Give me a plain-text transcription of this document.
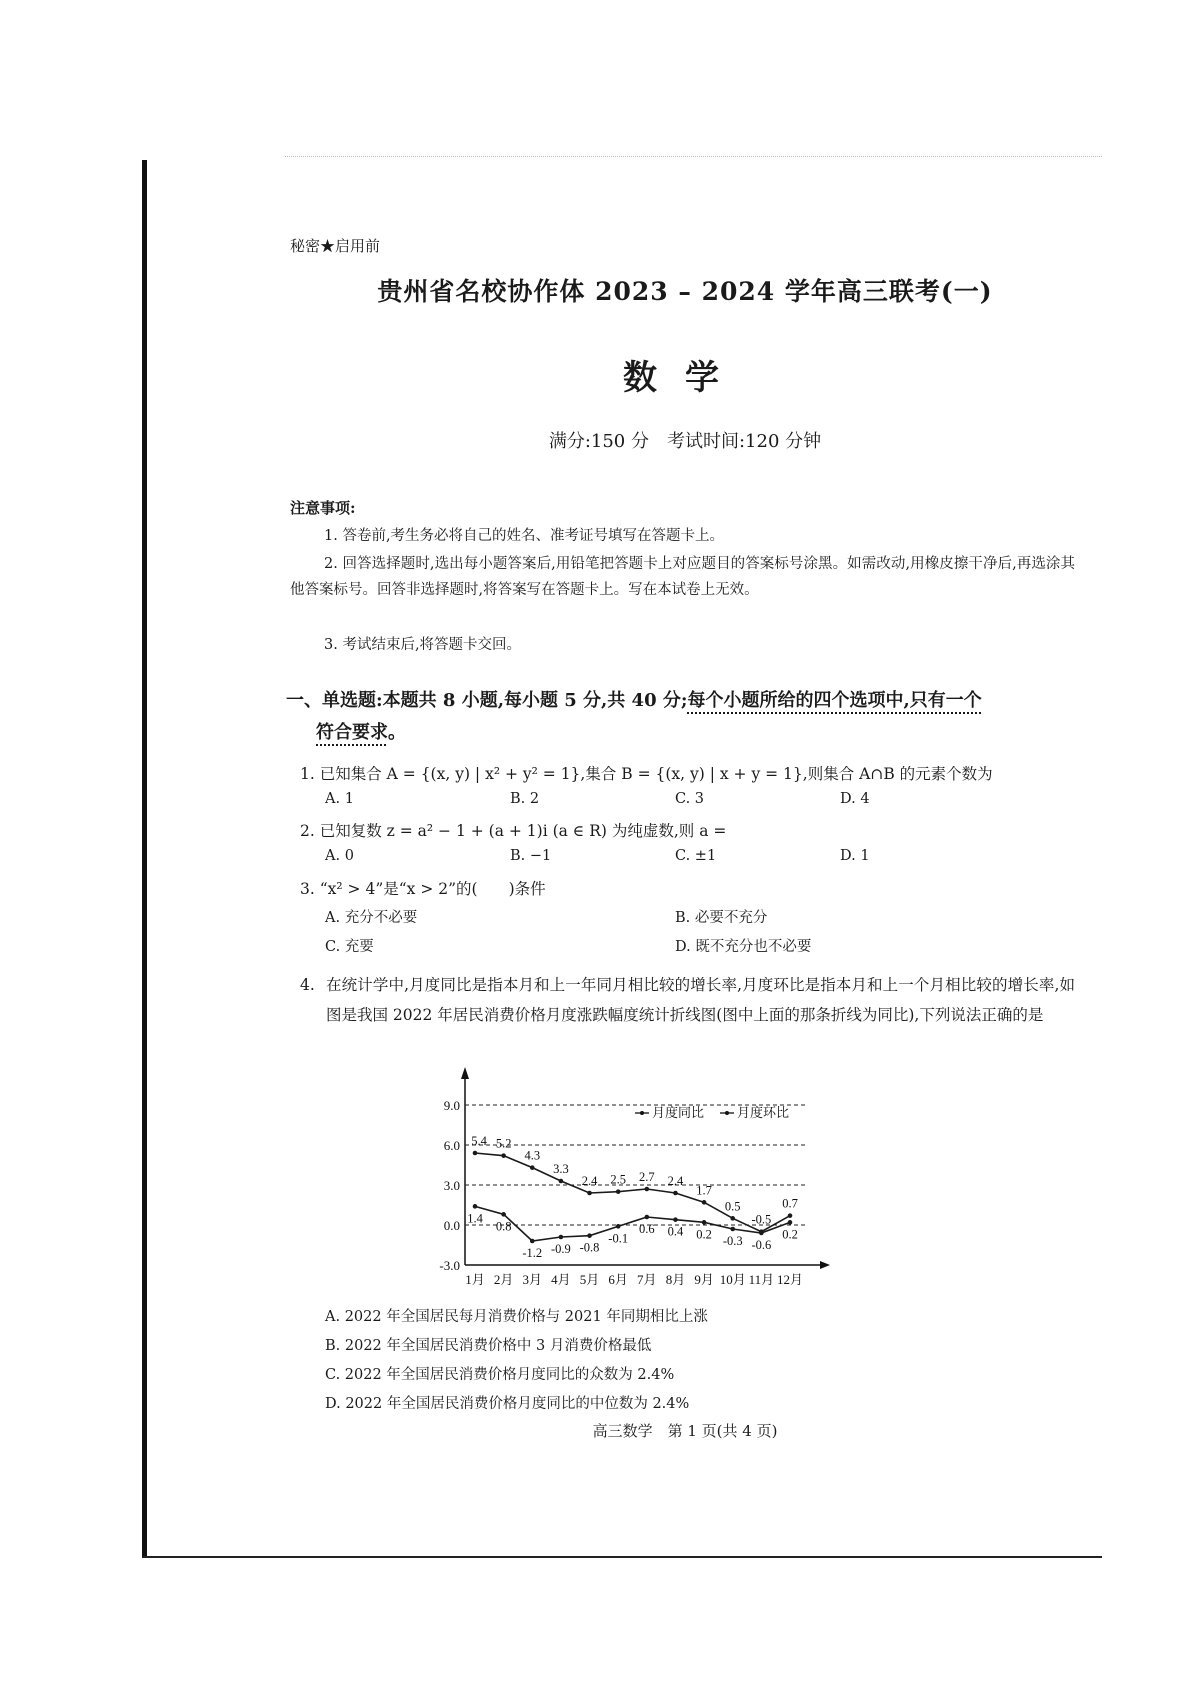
秘密★启用前
贵州省名校协作体 2023 – 2024 学年高三联考(一)
数学
满分:150 分　考试时间:120 分钟
注意事项:
1. 答卷前,考生务必将自己的姓名、准考证号填写在答题卡上。
2. 回答选择题时,选出每小题答案后,用铅笔把答题卡上对应题目的答案标号涂黑。如需改动,用橡皮擦干净后,再选涂其他答案标号。回答非选择题时,将答案写在答题卡上。写在本试卷上无效。
3. 考试结束后,将答题卡交回。
一、单选题:本题共 8 小题,每小题 5 分,共 40 分;每个小题所给的四个选项中,只有一个
符合要求。
1. 已知集合 A = {(x, y) | x² + y² = 1},集合 B = {(x, y) | x + y = 1},则集合 A∩B 的元素个数为
A. 1	B. 2	C. 3	D. 4
2. 已知复数 z = a² − 1 + (a + 1)i (a ∈ R) 为纯虚数,则 a =
A. 0	B. −1	C. ±1	D. 1
3. “x² > 4”是“x > 2”的(　　)条件
A. 充分不必要	B. 必要不充分
C. 充要	D. 既不充分也不必要
4. 在统计学中,月度同比是指本月和上一年同月相比较的增长率,月度环比是指本月和上一个月相比较的增长率,如图是我国 2022 年居民消费价格月度涨跌幅度统计折线图(图中上面的那条折线为同比),下列说法正确的是
9.0
6.0
3.0
0.0
-3.0
1月 2月 3月 4月 5月 6月 7月 8月 9月 10月 11月 12月
5.4 5.2
4.3
3.3
2.4 2.5 2.7 2.4
1.7
0.5
-0.5
0.7
1.4
0.8
-1.2 -0.9 -0.8
-0.1
0.6 0.4 0.2 -0.3 -0.6
0.2
月度同比	月度环比
A. 2022 年全国居民每月消费价格与 2021 年同期相比上涨
B. 2022 年全国居民消费价格中 3 月消费价格最低
C. 2022 年全国居民消费价格月度同比的众数为 2.4%
D. 2022 年全国居民消费价格月度同比的中位数为 2.4%
高三数学　第 1 页(共 4 页)
